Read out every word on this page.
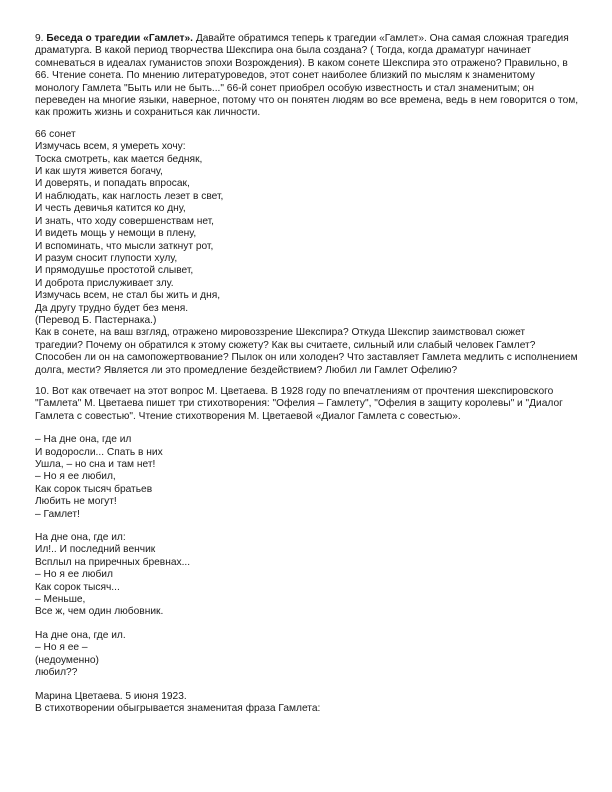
9. Беседа о трагедии «Гамлет». Давайте обратимся теперь к трагедии «Гамлет». Она самая сложная трагедия
драматурга. В какой период творчества Шекспира она была создана? ( Тогда, когда драматург начинает
сомневаться в идеалах гуманистов эпохи Возрождения). В каком сонете Шекспира это отражено? Правильно, в
66. Чтение сонета. По мнению литературоведов, этот сонет наиболее близкий по мыслям к знаменитому
монологу Гамлета "Быть или не быть..." 66-й сонет приобрел особую известность и стал знаменитым; он
переведен на многие языки, наверное, потому что он понятен людям во все времена, ведь в нем говорится о том,
как прожить жизнь и сохраниться как личности.
66 сонет
Измучась всем, я умереть хочу:
Тоска смотреть, как мается бедняк,
И как шутя живется богачу,
И доверять, и попадать впросак,
И наблюдать, как наглость лезет в свет,
И честь девичья катится ко дну,
И знать, что ходу совершенствам нет,
И видеть мощь у немощи в плену,
И вспоминать, что мысли заткнут рот,
И разум сносит глупости хулу,
И прямодушье простотой слывет,
И доброта прислуживает злу.
Измучась всем, не стал бы жить и дня,
Да другу трудно будет без меня.
(Перевод Б. Пастернака.)
Как в сонете, на ваш взгляд, отражено мировоззрение Шекспира? Откуда Шекспир заимствовал сюжет
трагедии? Почему он обратился к этому сюжету? Как вы считаете, сильный или слабый человек Гамлет?
Способен ли он на самопожертвование? Пылок он или холоден? Что заставляет Гамлета медлить с исполнением
долга, мести? Является ли это промедление бездействием? Любил ли Гамлет Офелию?
10. Вот как отвечает на этот вопрос М. Цветаева. В 1928 году по впечатлениям от прочтения шекспировского
"Гамлета" М. Цветаева пишет три стихотворения: "Офелия – Гамлету", "Офелия в защиту королевы" и "Диалог
Гамлета с совестью". Чтение стихотворения М. Цветаевой «Диалог Гамлета с совестью».
– На дне она, где ил
И водоросли... Спать в них
Ушла, – но сна и там нет!
– Но я ее любил,
Как сорок тысяч братьев
Любить не могут!
– Гамлет!
На дне она, где ил:
Ил!.. И последний венчик
Всплыл на приречных бревнах...
– Но я ее любил
Как сорок тысяч...
– Меньше,
Все ж, чем один любовник.
На дне она, где ил.
– Но я ее –
(недоуменно)
любил??
Марина Цветаева. 5 июня 1923.
В стихотворении обыгрывается знаменитая фраза Гамлета:
